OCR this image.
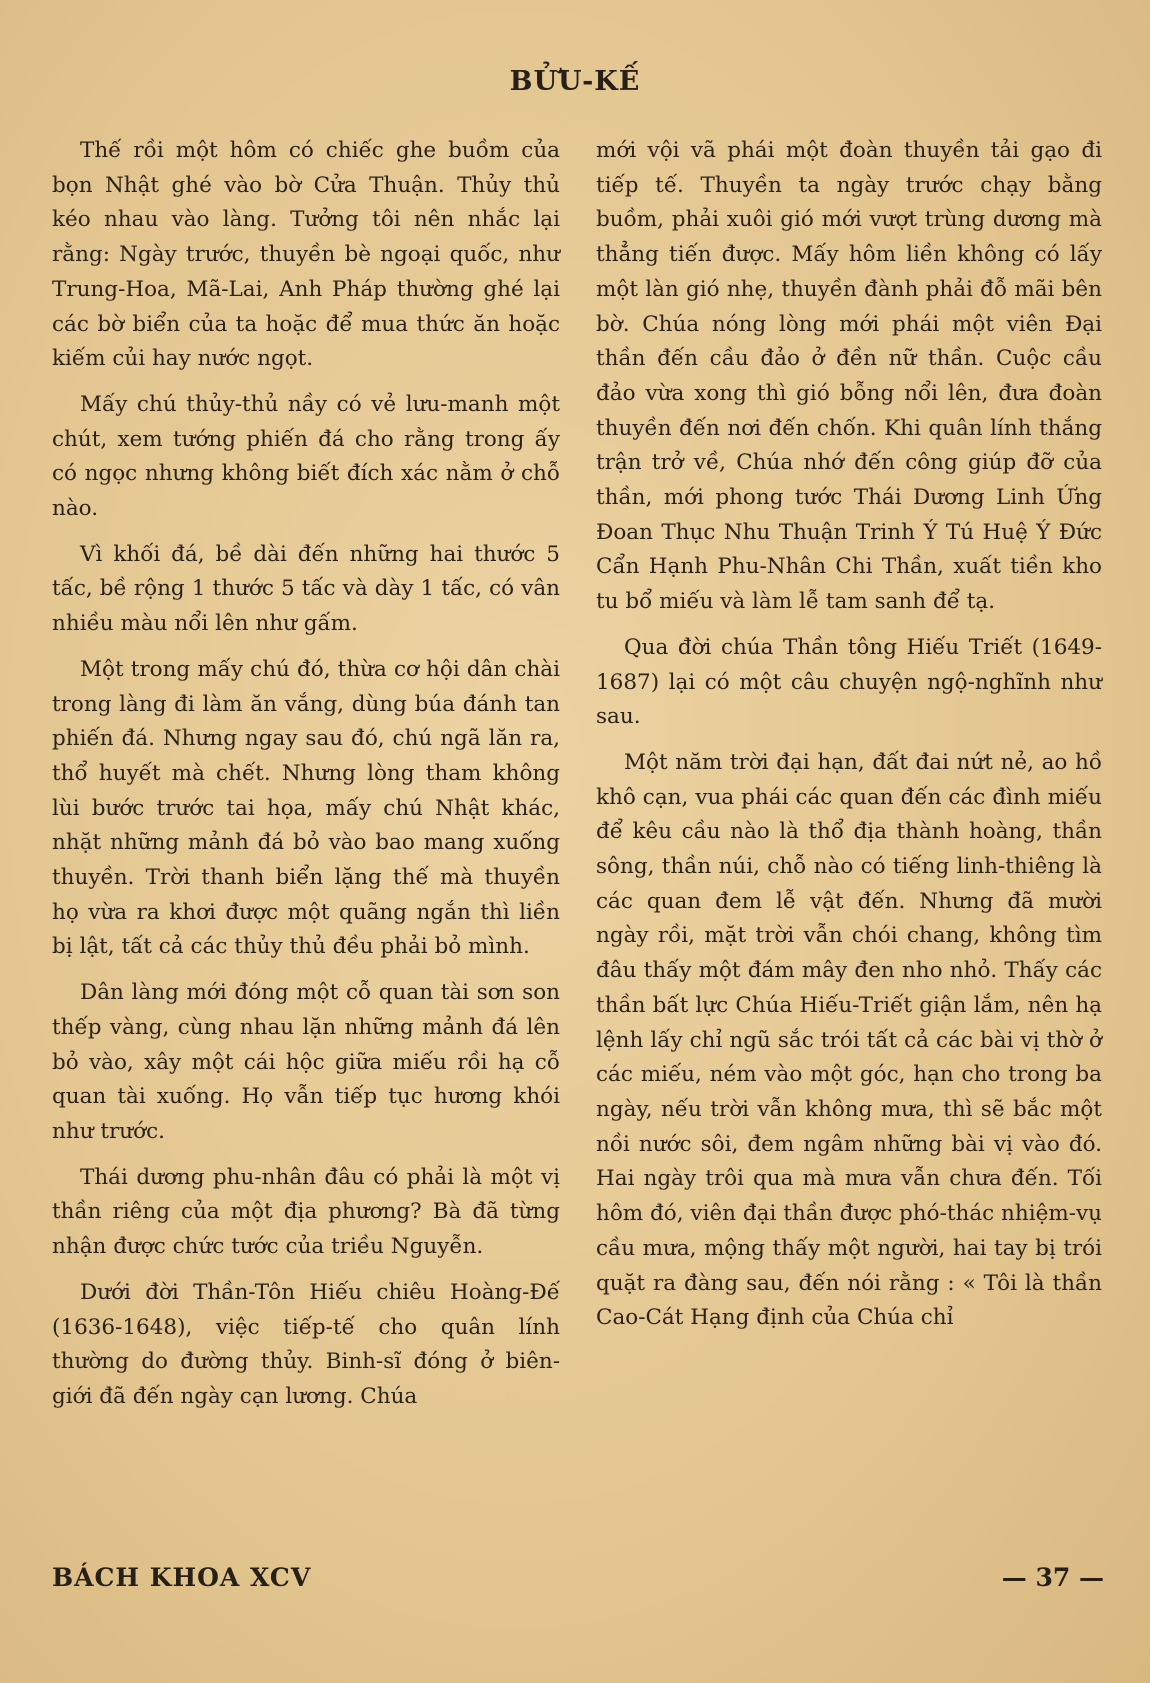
BỬU-KẾ

Thế rồi một hôm có chiếc ghe buồm của bọn Nhật ghé vào bờ Cửa Thuận. Thủy thủ kéo nhau vào làng. Tưởng tôi nên nhắc lại rằng: Ngày trước, thuyền bè ngoại quốc, như Trung-Hoa, Mã-Lai, Anh Pháp thường ghé lại các bờ biển của ta hoặc để mua thức ăn hoặc kiếm củi hay nước ngọt.

Mấy chú thủy-thủ nầy có vẻ lưu-manh một chút, xem tướng phiến đá cho rằng trong ấy có ngọc nhưng không biết đích xác nằm ở chỗ nào.

Vì khối đá, bề dài đến những hai thước 5 tấc, bề rộng 1 thước 5 tấc và dày 1 tấc, có vân nhiều màu nổi lên như gấm.

Một trong mấy chú đó, thừa cơ hội dân chài trong làng đi làm ăn vắng, dùng búa đánh tan phiến đá. Nhưng ngay sau đó, chú ngã lăn ra, thổ huyết mà chết. Nhưng lòng tham không lùi bước trước tai họa, mấy chú Nhật khác, nhặt những mảnh đá bỏ vào bao mang xuống thuyền. Trời thanh biển lặng thế mà thuyền họ vừa ra khơi được một quãng ngắn thì liền bị lật, tất cả các thủy thủ đều phải bỏ mình.

Dân làng mới đóng một cỗ quan tài sơn son thếp vàng, cùng nhau lặn những mảnh đá lên bỏ vào, xây một cái hộc giữa miếu rồi hạ cỗ quan tài xuống. Họ vẫn tiếp tục hương khói như trước.

Thái dương phu-nhân đâu có phải là một vị thần riêng của một địa phương? Bà đã từng nhận được chức tước của triều Nguyễn.

Dưới đời Thần-Tôn Hiếu chiêu Hoàng-Đế (1636-1648), việc tiếp-tế cho quân lính thường do đường thủy. Binh-sĩ đóng ở biên-giới đã đến ngày cạn lương. Chúa

mới vội vã phái một đoàn thuyền tải gạo đi tiếp tế. Thuyền ta ngày trước chạy bằng buồm, phải xuôi gió mới vượt trùng dương mà thẳng tiến được. Mấy hôm liền không có lấy một làn gió nhẹ, thuyền đành phải đỗ mãi bên bờ. Chúa nóng lòng mới phái một viên Đại thần đến cầu đảo ở đền nữ thần. Cuộc cầu đảo vừa xong thì gió bỗng nổi lên, đưa đoàn thuyền đến nơi đến chốn. Khi quân lính thắng trận trở về, Chúa nhớ đến công giúp đỡ của thần, mới phong tước Thái Dương Linh Ứng Đoan Thục Nhu Thuận Trinh Ý Tú Huệ Ý Đức Cẩn Hạnh Phu-Nhân Chi Thần, xuất tiền kho tu bổ miếu và làm lễ tam sanh để tạ.

Qua đời chúa Thần tông Hiếu Triết (1649-1687) lại có một câu chuyện ngộ-nghĩnh như sau.

Một năm trời đại hạn, đất đai nứt nẻ, ao hồ khô cạn, vua phái các quan đến các đình miếu để kêu cầu nào là thổ địa thành hoàng, thần sông, thần núi, chỗ nào có tiếng linh-thiêng là các quan đem lễ vật đến. Nhưng đã mười ngày rồi, mặt trời vẫn chói chang, không tìm đâu thấy một đám mây đen nho nhỏ. Thấy các thần bất lực Chúa Hiếu-Triết giận lắm, nên hạ lệnh lấy chỉ ngũ sắc trói tất cả các bài vị thờ ở các miếu, ném vào một góc, hạn cho trong ba ngày, nếu trời vẫn không mưa, thì sẽ bắc một nồi nước sôi, đem ngâm những bài vị vào đó. Hai ngày trôi qua mà mưa vẫn chưa đến. Tối hôm đó, viên đại thần được phó-thác nhiệm-vụ cầu mưa, mộng thấy một người, hai tay bị trói quặt ra đàng sau, đến nói rằng : « Tôi là thần Cao-Cát Hạng định của Chúa chỉ

BÁCH KHOA XCV	— 37 —
